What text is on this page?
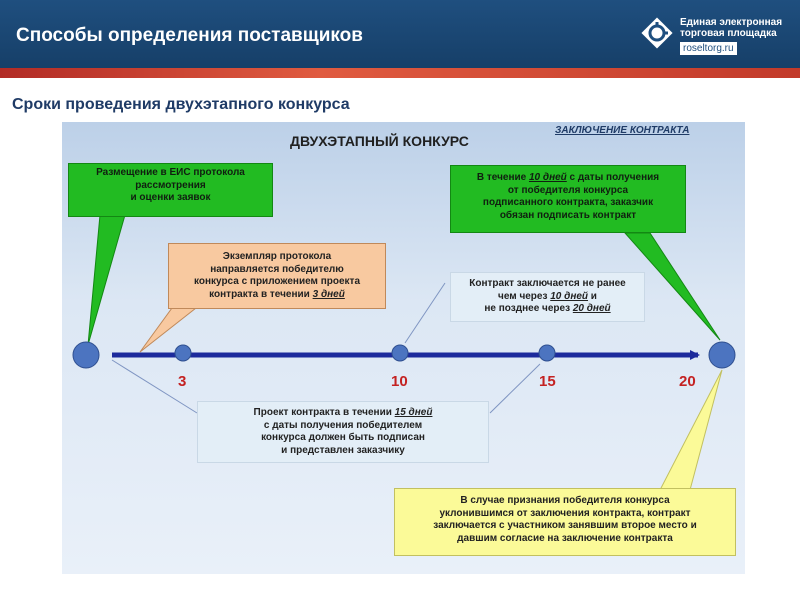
Способы определения поставщиков
Единая электронная
торговая площадка
roseltorg.ru
Сроки проведения двухэтапного конкурса
ДВУХЭТАПНЫЙ КОНКУРС
ЗАКЛЮЧЕНИЕ КОНТРАКТА
3	10	15	20
Размещение в ЕИС протокола
рассмотрения
и оценки заявок
Экземпляр протокола
направляется победителю
конкурса с приложением проекта
контракта в течении 3 дней
В течение 10 дней с даты получения
от победителя конкурса
подписанного контракта, заказчик
обязан подписать контракт
Контракт заключается не ранее
чем через 10 дней и
не позднее через 20 дней
Проект контракта в течении 15 дней
с даты получения победителем
конкурса должен быть подписан
и представлен заказчику
В случае признания победителя конкурса
уклонившимся от заключения контракта, контракт
заключается с участником занявшим второе место и
давшим согласие на заключение контракта
